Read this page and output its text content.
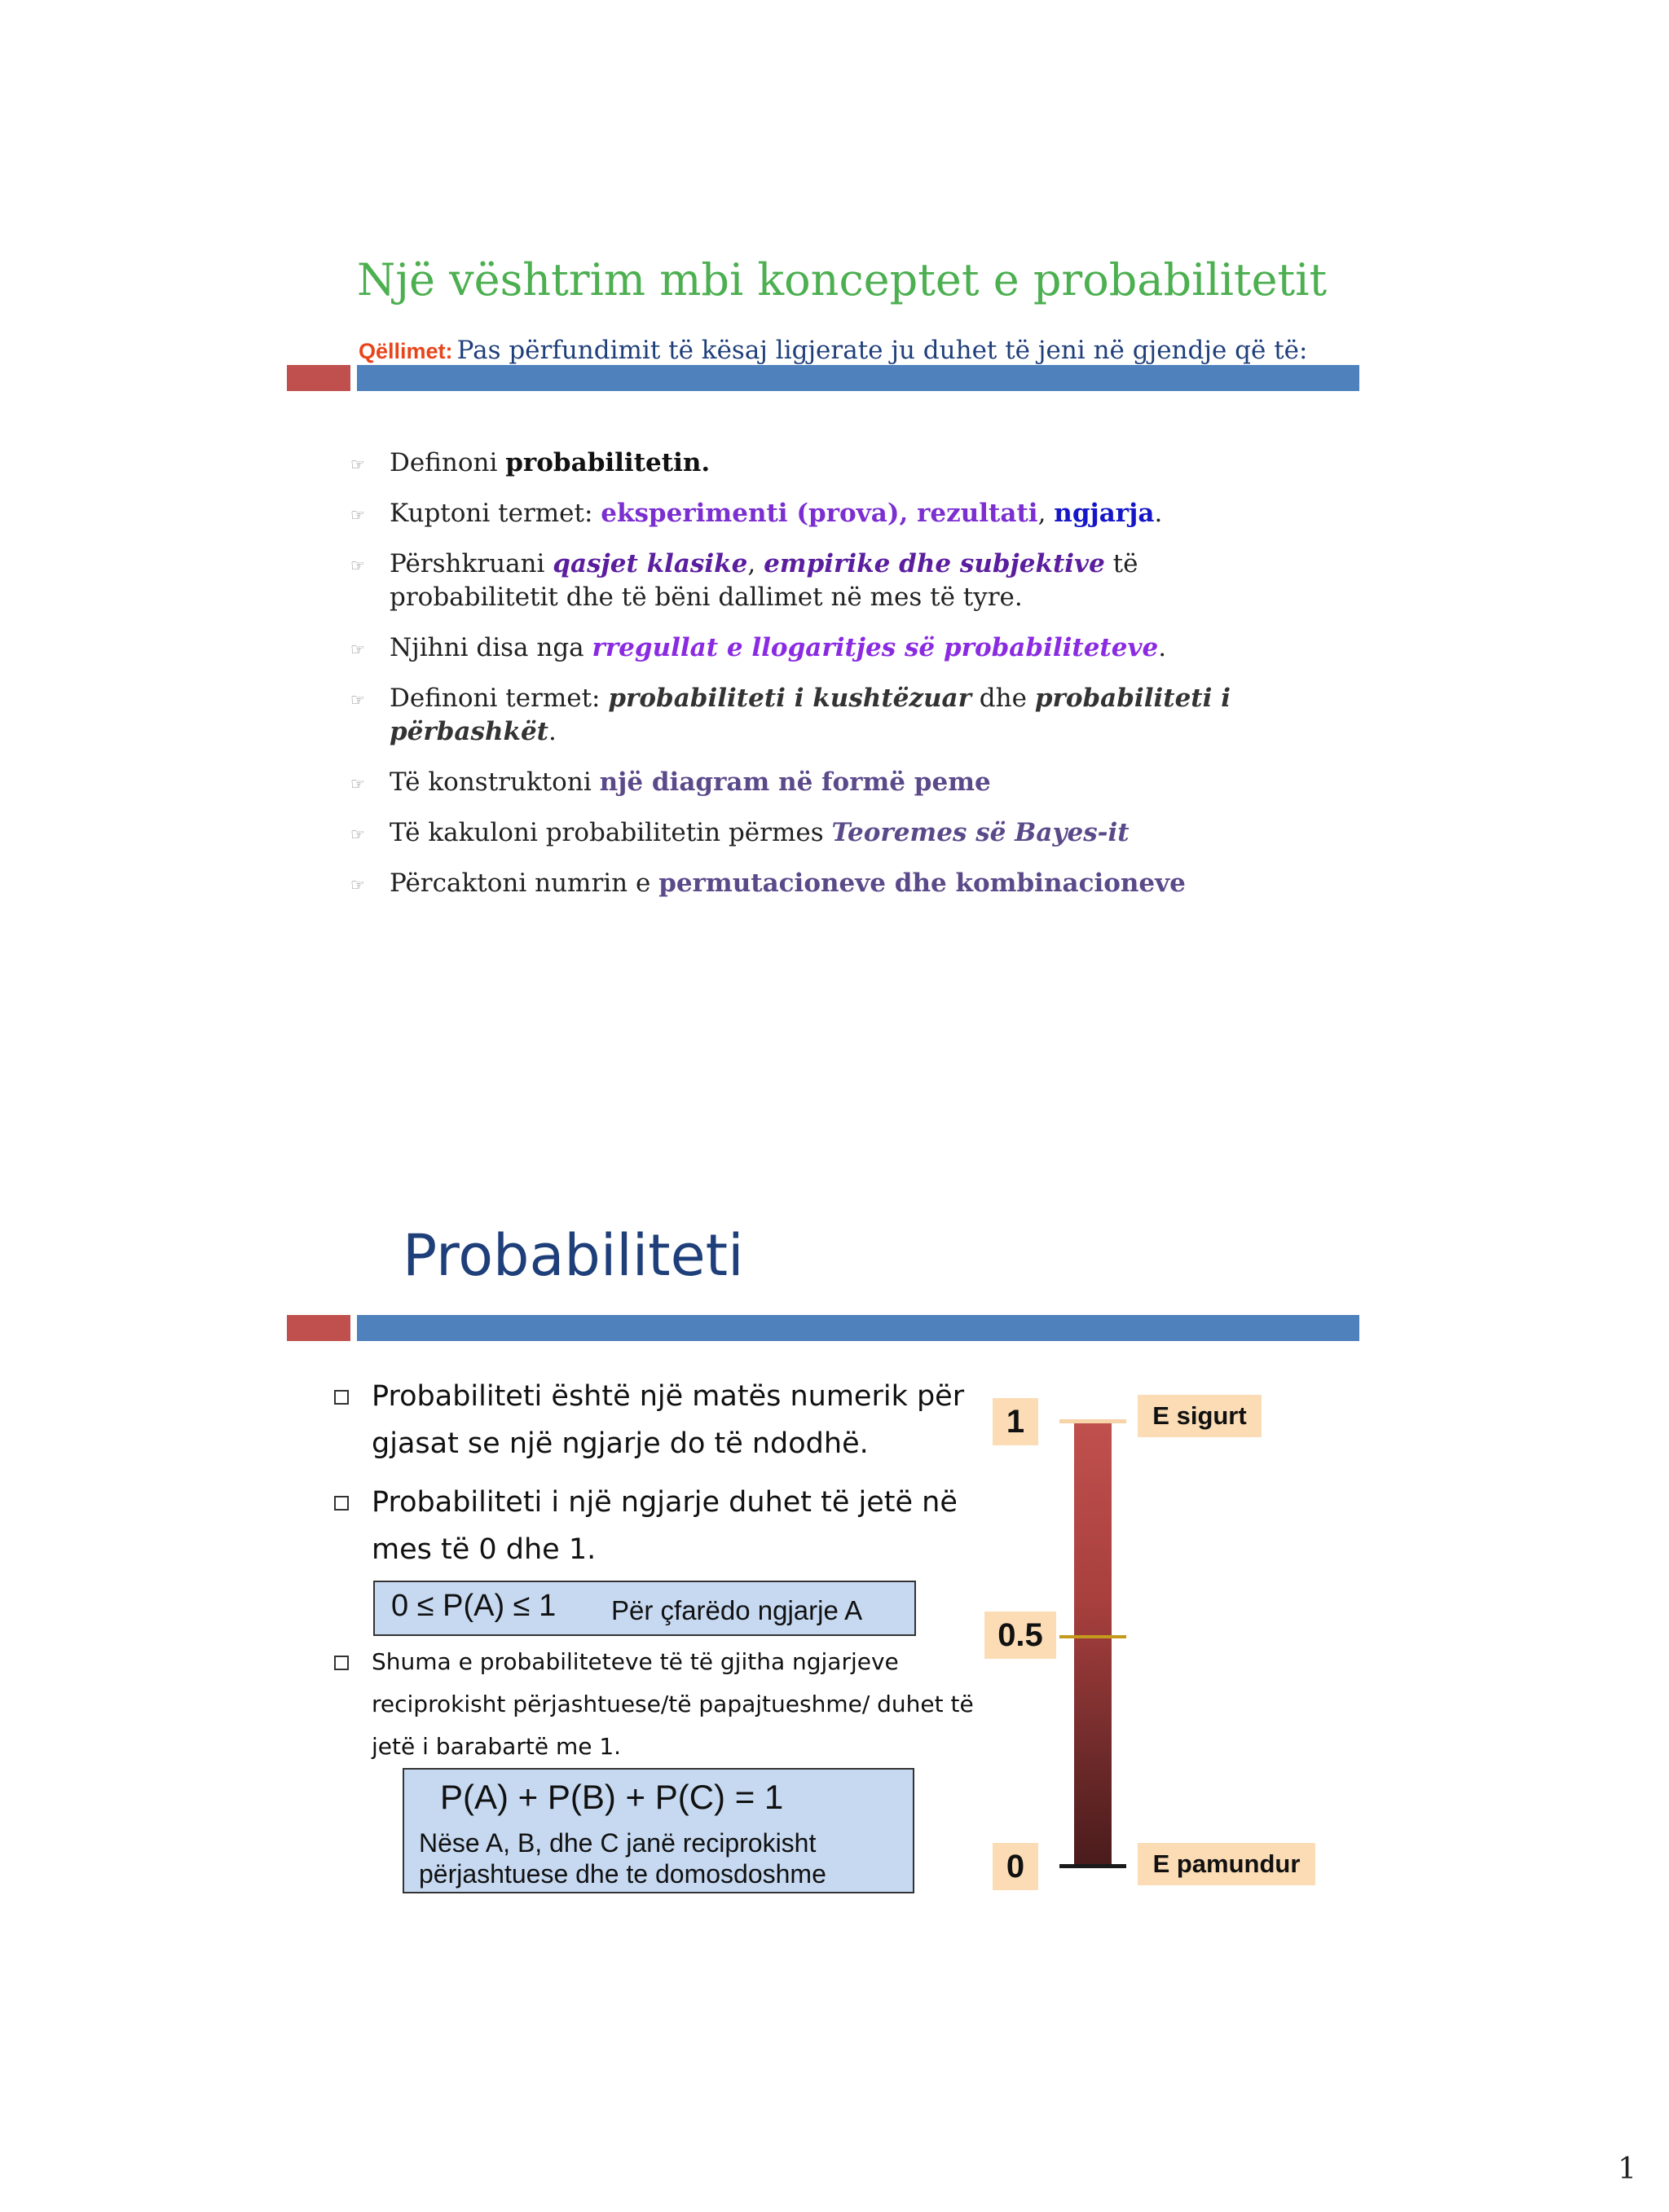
Një vështrim mbi konceptet e probabilitetit
Qëllimet: Pas përfundimit të kësaj ligjerate ju duhet të jeni në gjendje që të:
☞ Definoni probabilitetin.
☞ Kuptoni termet: eksperimenti (prova), rezultati, ngjarja.
☞ Përshkruani qasjet klasike, empirike dhe subjektive të probabilitetit dhe të bëni dallimet në mes të tyre.
☞ Njihni disa nga rregullat e llogaritjes së probabiliteteve.
☞ Definoni termet: probabiliteti i kushtëzuar dhe probabiliteti i përbashkët.
☞ Të konstruktoni një diagram në formë peme
☞ Të kakuloni probabilitetin përmes Teoremes së Bayes-it
☞ Përcaktoni numrin e permutacioneve dhe kombinacioneve
Probabiliteti
Probabiliteti është një matës numerik për gjasat se një ngjarje do të ndodhë.
Probabiliteti i një ngjarje duhet të jetë në mes të 0 dhe 1.
0 ≤ P(A) ≤ 1 Për çfarëdo ngjarje A
Shuma e probabiliteteve të të gjitha ngjarjeve reciprokisht përjashtuese/të papajtueshme/ duhet të jetë i barabartë me 1.
P(A) + P(B) + P(C) = 1
Nëse A, B, dhe C janë reciprokisht
përjashtuese dhe te domosdoshme
1
0.5
0
E sigurt
E pamundur
1
